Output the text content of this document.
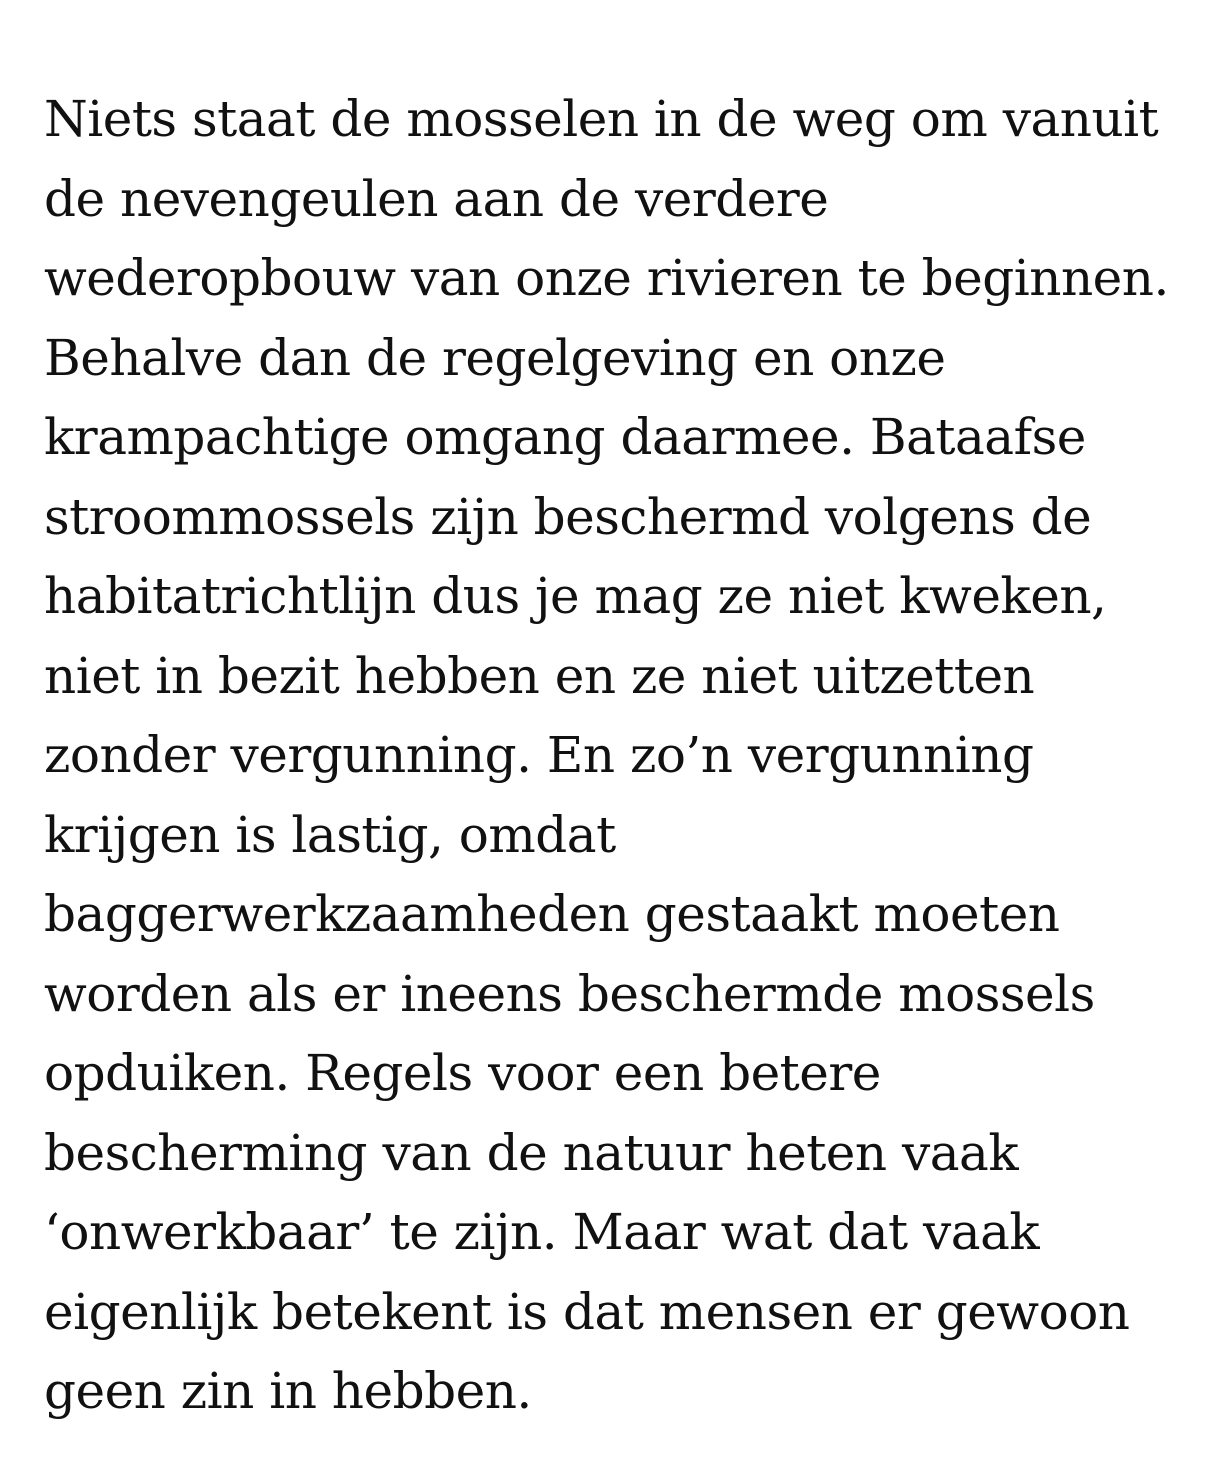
Niets staat de mosselen in de weg om vanuit
de nevengeulen aan de verdere
wederopbouw van onze rivieren te beginnen.
Behalve dan de regelgeving en onze
krampachtige omgang daarmee. Bataafse
stroommossels zijn beschermd volgens de
habitatrichtlijn dus je mag ze niet kweken,
niet in bezit hebben en ze niet uitzetten
zonder vergunning. En zo’n vergunning
krijgen is lastig, omdat
baggerwerkzaamheden gestaakt moeten
worden als er ineens beschermde mossels
opduiken. Regels voor een betere
bescherming van de natuur heten vaak
‘onwerkbaar’ te zijn. Maar wat dat vaak
eigenlijk betekent is dat mensen er gewoon
geen zin in hebben.
